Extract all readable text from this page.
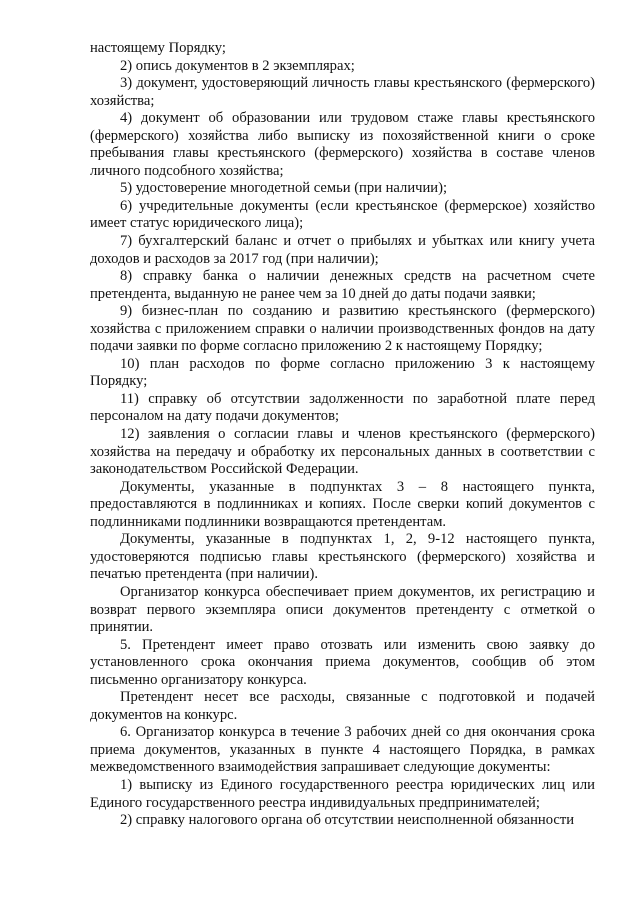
настоящему Порядку;

2) опись документов в 2 экземплярах;

3) документ, удостоверяющий личность главы крестьянского (фермерского) хозяйства;

4) документ об образовании или трудовом стаже главы крестьянского (фермерского) хозяйства либо выписку из похозяйственной книги о сроке пребывания главы крестьянского (фермерского) хозяйства в составе членов личного подсобного хозяйства;

5) удостоверение многодетной семьи (при наличии);

6) учредительные документы (если крестьянское (фермерское) хозяйство имеет статус юридического лица);

7) бухгалтерский баланс и отчет о прибылях и убытках или книгу учета доходов и расходов за 2017 год (при наличии);

8) справку банка о наличии денежных средств на расчетном счете претендента, выданную не ранее чем за 10 дней до даты подачи заявки;

9) бизнес-план по созданию и развитию крестьянского (фермерского) хозяйства с приложением справки о наличии производственных фондов на дату подачи заявки по форме согласно приложению 2 к настоящему Порядку;

10) план расходов по форме согласно приложению 3 к настоящему Порядку;

11) справку об отсутствии задолженности по заработной плате перед персоналом на дату подачи документов;

12) заявления о согласии главы и членов крестьянского (фермерского) хозяйства на передачу и обработку их персональных данных в соответствии с законодательством Российской Федерации.

Документы, указанные в подпунктах 3 – 8 настоящего пункта, предоставляются в подлинниках и копиях. После сверки копий документов с подлинниками подлинники возвращаются претендентам.

Документы, указанные в подпунктах 1, 2, 9-12 настоящего пункта, удостоверяются подписью главы крестьянского (фермерского) хозяйства и печатью претендента (при наличии).

Организатор конкурса обеспечивает прием документов, их регистрацию и возврат первого экземпляра описи документов претенденту с отметкой о принятии.

5. Претендент имеет право отозвать или изменить свою заявку до установленного срока окончания приема документов, сообщив об этом письменно организатору конкурса.

Претендент несет все расходы, связанные с подготовкой и подачей документов на конкурс.

6. Организатор конкурса в течение 3 рабочих дней со дня окончания срока приема документов, указанных в пункте 4 настоящего Порядка, в рамках межведомственного взаимодействия запрашивает следующие документы:

1) выписку из Единого государственного реестра юридических лиц или Единого государственного реестра индивидуальных предпринимателей;

2) справку налогового органа об отсутствии неисполненной обязанности
